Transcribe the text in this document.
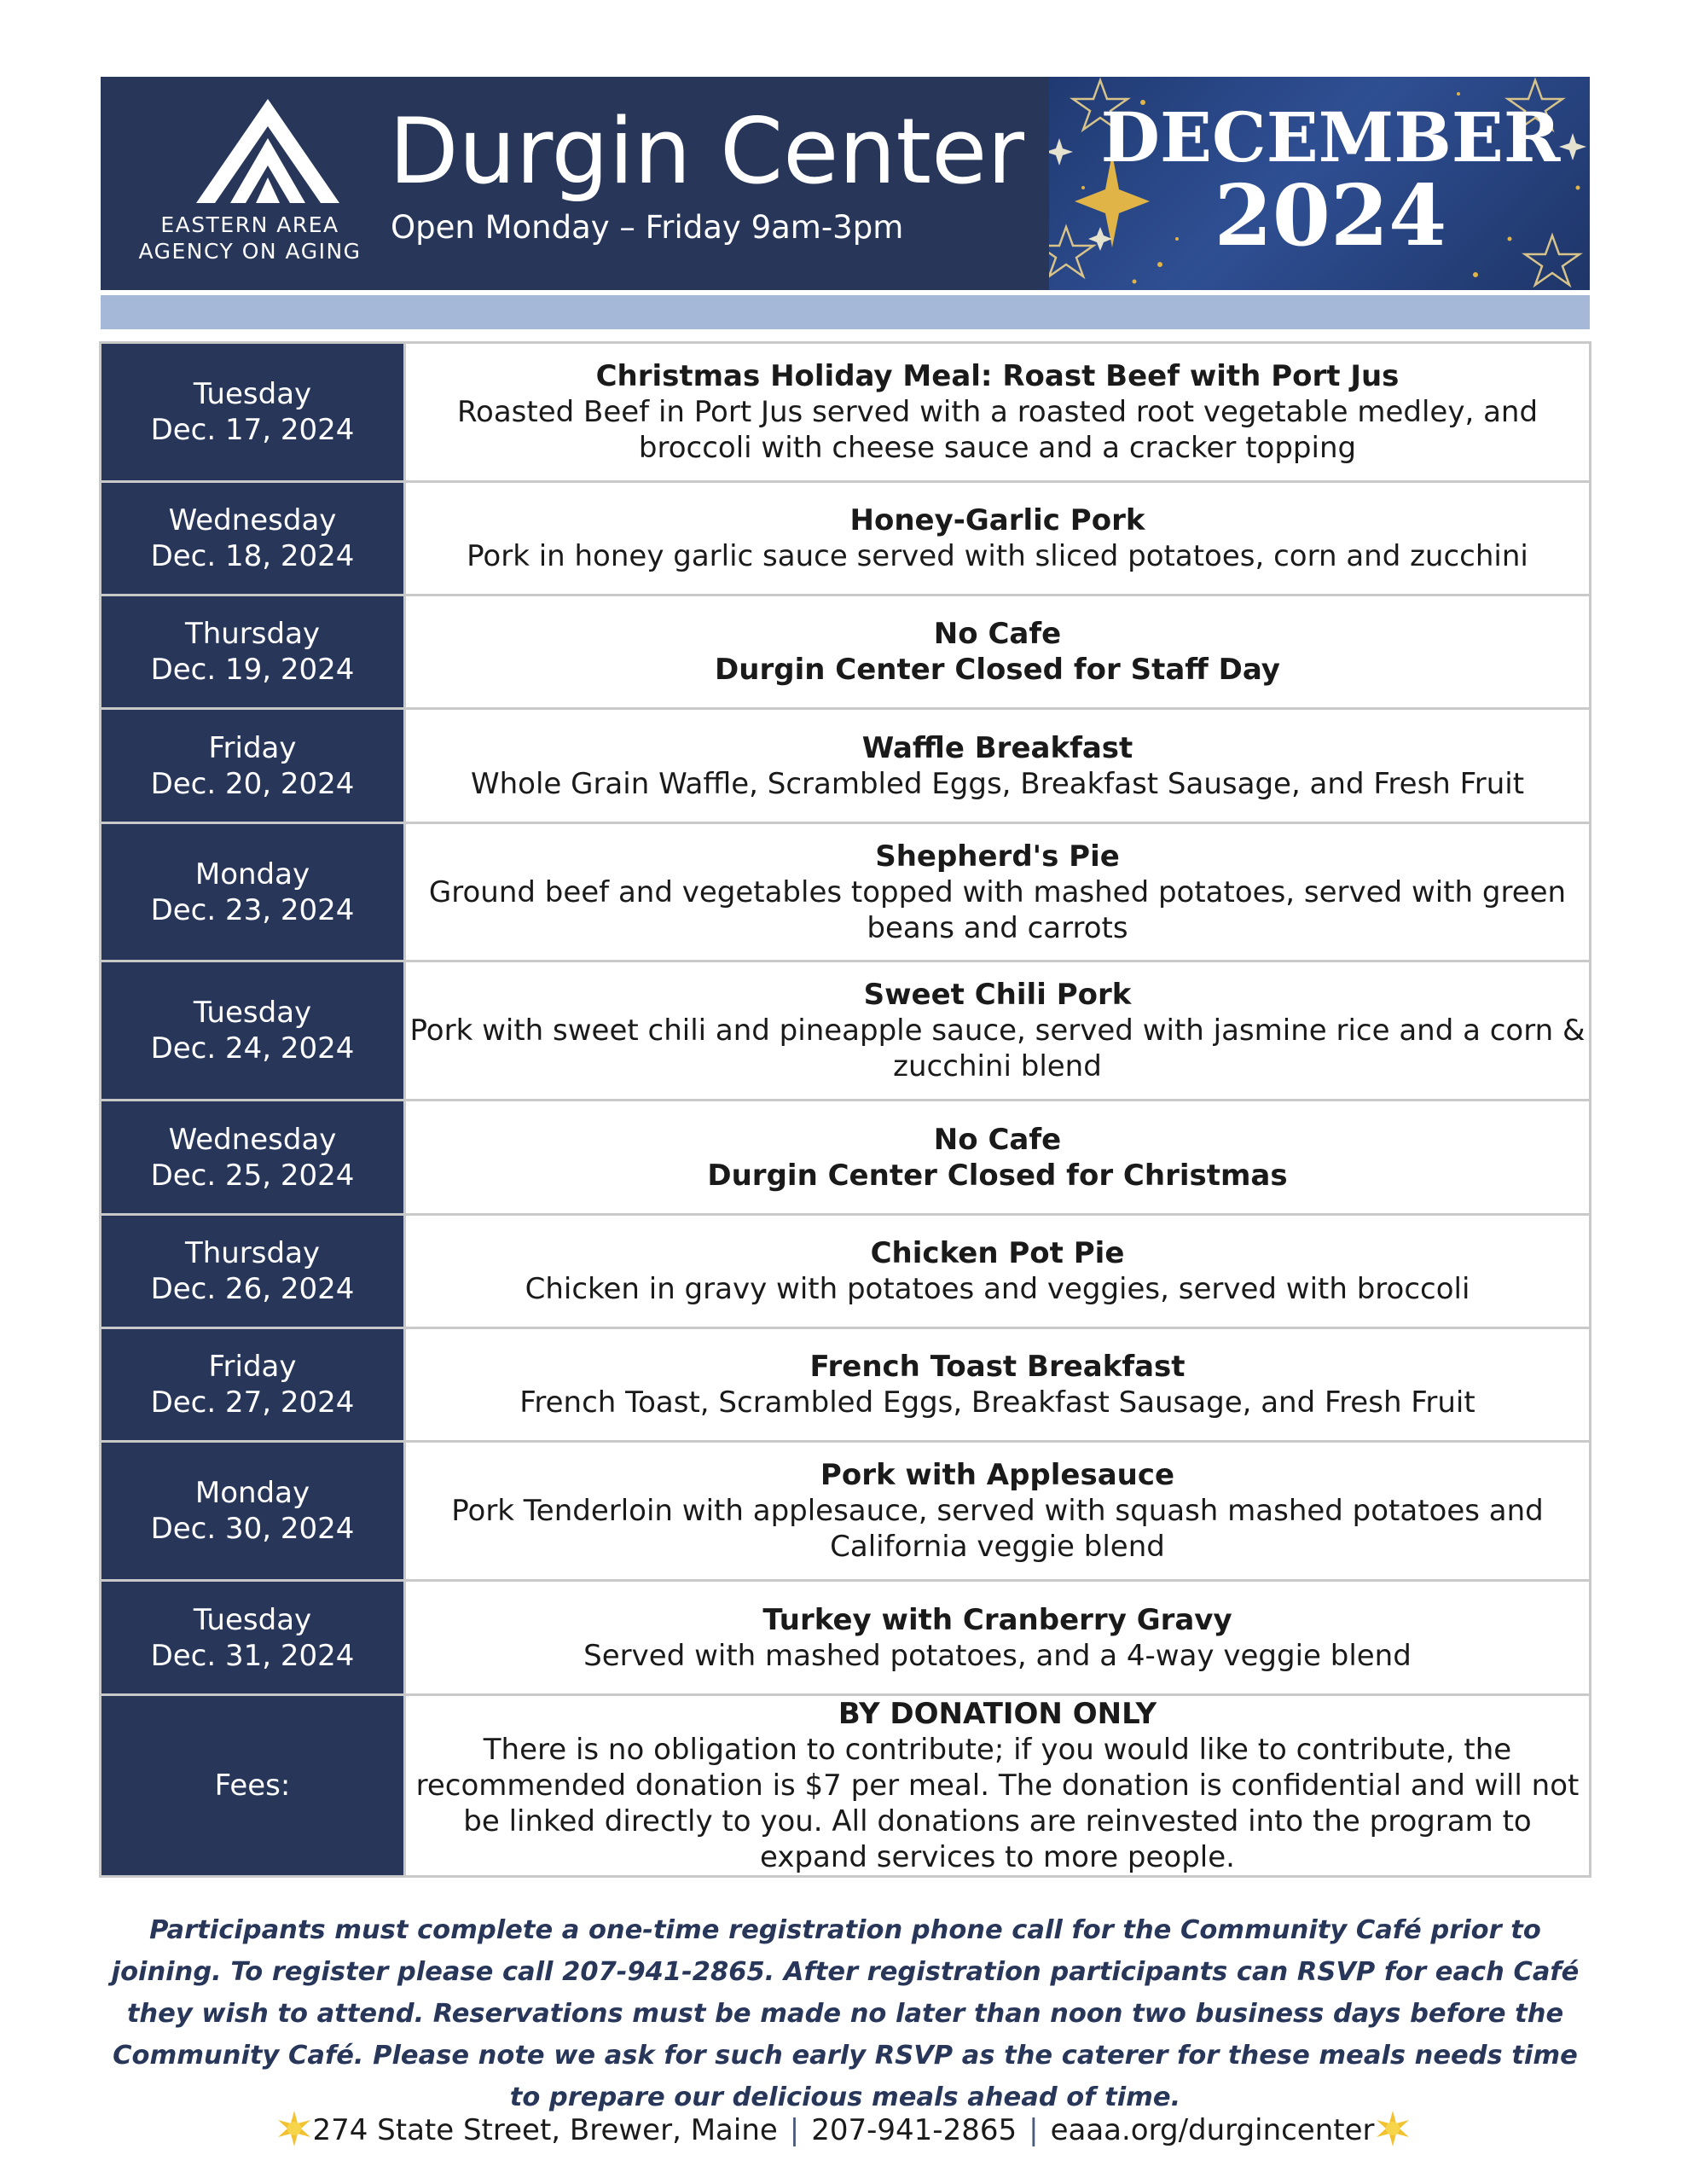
EASTERN AREA
AGENCY ON AGING
Durgin Center
Open Monday – Friday 9am-3pm
DECEMBER
2024
Tuesday
Dec. 17, 2024	Christmas Holiday Meal: Roast Beef with Port Jus
Roasted Beef in Port Jus served with a roasted root vegetable medley, and broccoli with cheese sauce and a cracker topping

Wednesday
Dec. 18, 2024	Honey-Garlic Pork
Pork in honey garlic sauce served with sliced potatoes, corn and zucchini

Thursday
Dec. 19, 2024	No Cafe
Durgin Center Closed for Staff Day

Friday
Dec. 20, 2024	Waffle Breakfast
Whole Grain Waffle, Scrambled Eggs, Breakfast Sausage, and Fresh Fruit

Monday
Dec. 23, 2024	Shepherd's Pie
Ground beef and vegetables topped with mashed potatoes, served with green beans and carrots

Tuesday
Dec. 24, 2024	Sweet Chili Pork
Pork with sweet chili and pineapple sauce, served with jasmine rice and a corn & zucchini blend

Wednesday
Dec. 25, 2024	No Cafe
Durgin Center Closed for Christmas

Thursday
Dec. 26, 2024	Chicken Pot Pie
Chicken in gravy with potatoes and veggies, served with broccoli

Friday
Dec. 27, 2024	French Toast Breakfast
French Toast, Scrambled Eggs, Breakfast Sausage, and Fresh Fruit

Monday
Dec. 30, 2024	Pork with Applesauce
Pork Tenderloin with applesauce, served with squash mashed potatoes and California veggie blend

Tuesday
Dec. 31, 2024	Turkey with Cranberry Gravy
Served with mashed potatoes, and a 4-way veggie blend

Fees:	BY DONATION ONLY
There is no obligation to contribute; if you would like to contribute, the recommended donation is $7 per meal. The donation is confidential and will not be linked directly to you. All donations are reinvested into the program to expand services to more people.
Participants must complete a one-time registration phone call for the Community Café prior to joining. To register please call 207-941-2865. After registration participants can RSVP for each Café they wish to attend. Reservations must be made no later than noon two business days before the Community Café. Please note we ask for such early RSVP as the caterer for these meals needs time to prepare our delicious meals ahead of time.
274 State Street, Brewer, Maine | 207-941-2865 | eaaa.org/durgincenter
